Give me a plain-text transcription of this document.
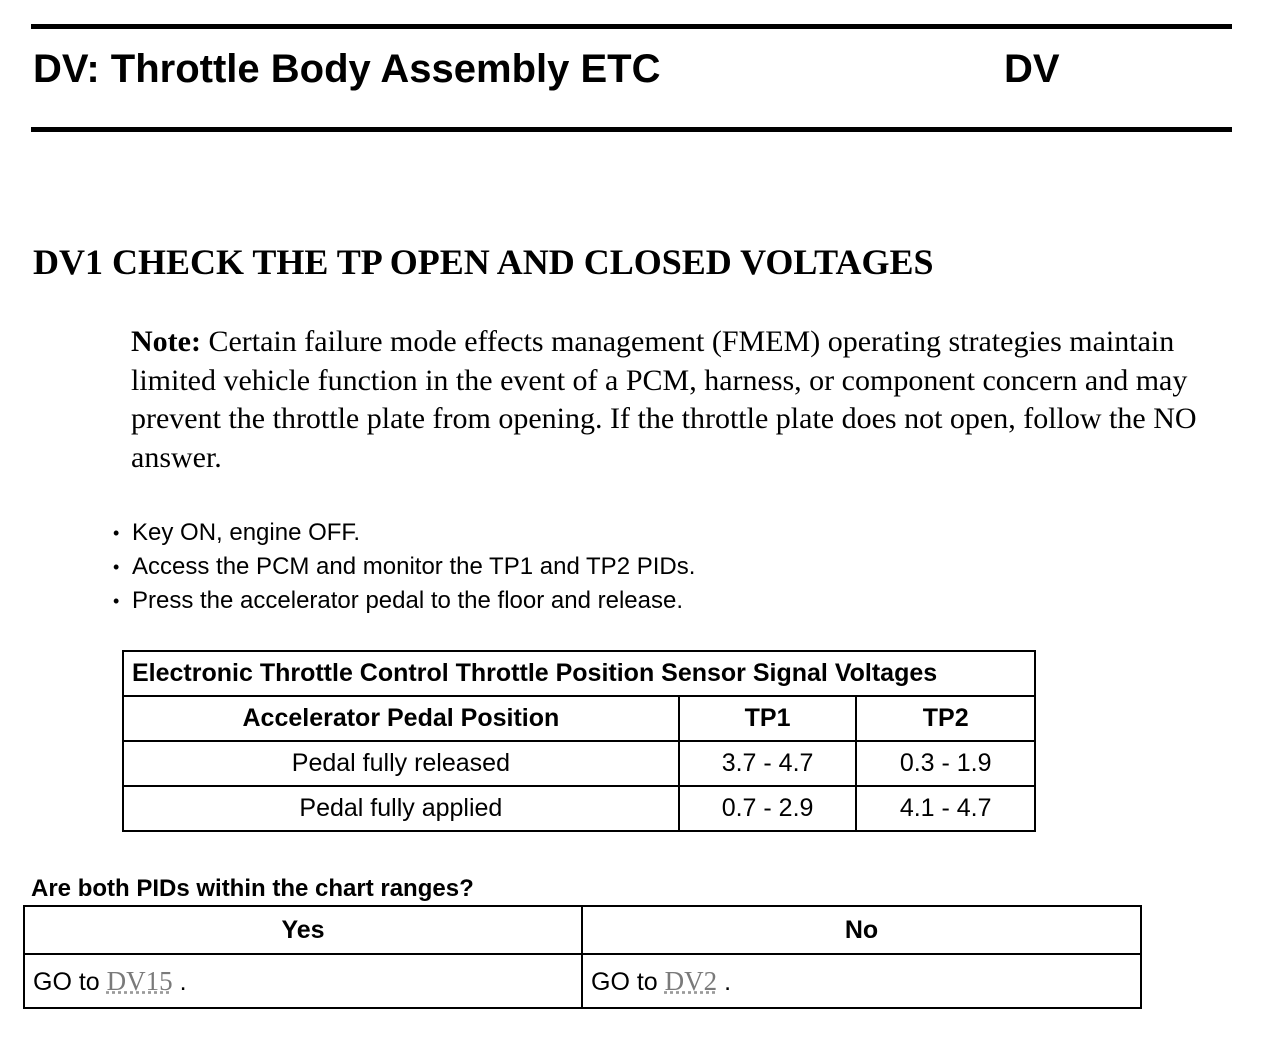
DV: Throttle Body Assembly ETC	DV
DV1 CHECK THE TP OPEN AND CLOSED VOLTAGES
Note: Certain failure mode effects management (FMEM) operating strategies maintain limited vehicle function in the event of a PCM, harness, or component concern and may prevent the throttle plate from opening. If the throttle plate does not open, follow the NO answer.
• Key ON, engine OFF.
• Access the PCM and monitor the TP1 and TP2 PIDs.
• Press the accelerator pedal to the floor and release.
Electronic Throttle Control Throttle Position Sensor Signal Voltages		
Accelerator Pedal Position	TP1	TP2
Pedal fully released	3.7 - 4.7	0.3 - 1.9
Pedal fully applied	0.7 - 2.9	4.1 - 4.7
Are both PIDs within the chart ranges?
Yes	No
GO to DV15 .	GO to DV2 .
